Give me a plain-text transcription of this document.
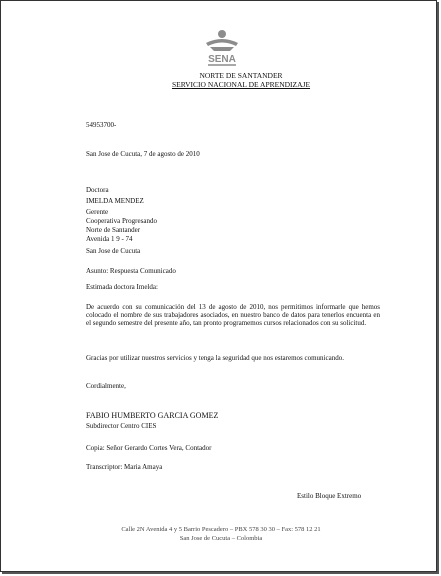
SENA
NORTE DE SANTANDER
SERVICIO NACIONAL DE APRENDIZAJE
54953700-
San Jose de Cucuta, 7 de agosto de 2010
Doctora
IMELDA MENDEZ
Gerente
Cooperativa Progresando
Norte de Santander
Avenida 1 9 - 74
San Jose de Cucuta
Asunto: Respuesta Comunicado
Estimada doctora Imelda:
De acuerdo con su comunicación del 13 de agosto de 2010, nos permitimos informarle que hemos colocado el nombre de sus trabajadores asociados, en nuestro banco de datos para tenerlos encuenta en el segundo semestre del presente año, tan pronto programemos cursos relacionados con su solicitud.
Gracias por utilizar nuestros servicios y tenga la seguridad que nos estaremos comunicando.
Cordialmente,
FABIO HUMBERTO GARCIA GOMEZ
Subdirector Centro CIES
Copia: Señor Gerardo Cortes Vera, Contador
Transcriptor: Maria Amaya
Estilo Bloque Extremo
Calle 2N Avenida 4 y 5 Barrio Pescadero – PBX 578 30 30 – Fax: 578 12 21
San Jose de Cucuta – Colombia
